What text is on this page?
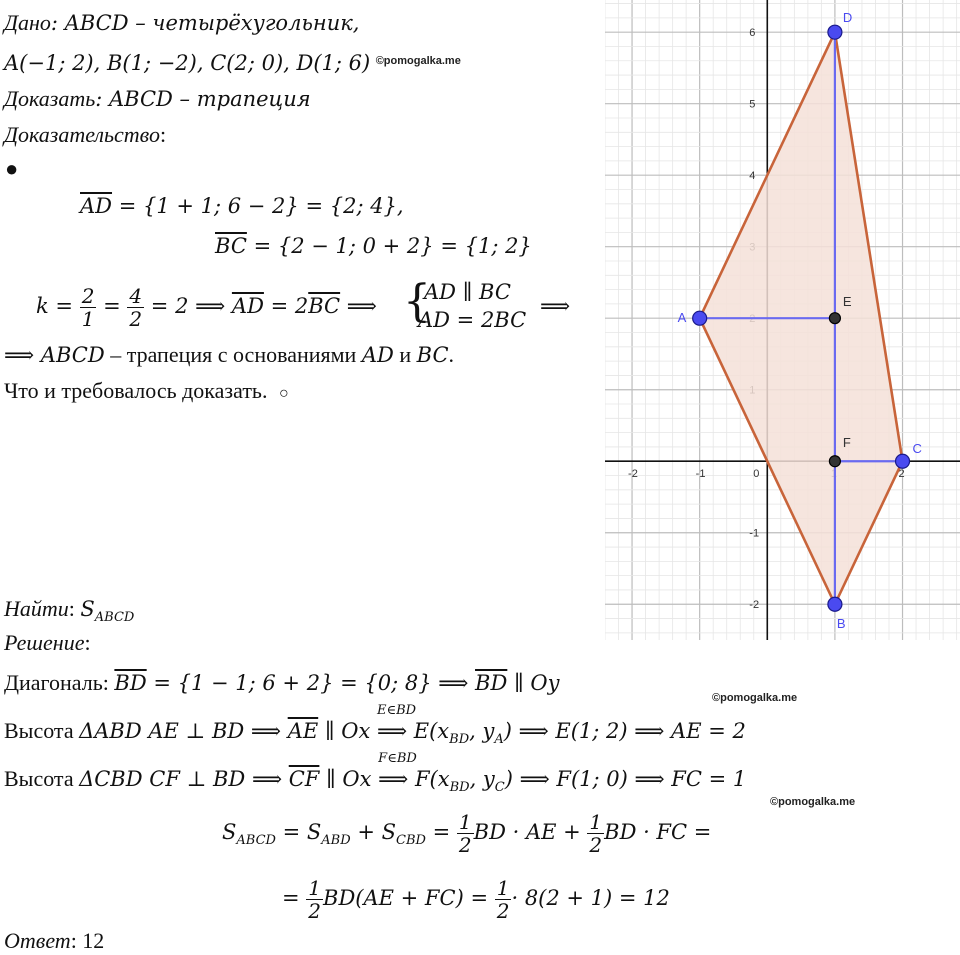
Дано: ABCD – четырёхугольник,
A(−1; 2), B(1; −2), C(2; 0), D(1; 6) $^{©pomogalka.me}$
Доказать: ABCD – трапеция
Доказательство:
●
$\overline{AD} = \{1 + 1$; 6 − 2} = {2; 4},
$\overline{BC} = \{2 - 1$; 0 + 2} = {1; 2}
$k = \frac{2}{1} = \frac{4}{2} = 2$ ⟹ $\overline{AD} = 2\overline{BC}$ ⟹ {
AD ∥ BC
AD = 2BC
⟹
⟹ ABCD – трапеция с основаниями AD и BC.
Что и требовалось доказать. ○
-2	-1	0	2
-2
-1
4
5
6
A
B
C
D
E
F
Найти: $S_{ABCD}$
Решение:
Диагональ: $\overline{BD} = \{1 - 1$; 6 + 2} = {0; 8} ⟹ $\overline{BD}$ ∥ Oy
©pomogalka.me
Высота ΔABD AE ⊥ BD ⟹ $\overline{AE}$ ∥ Ox
E∈BD
⟹ $E(x_{BD}$, $y_A$) ⟹ E(1; 2) ⟹ AE = 2
Высота ΔCBD CF ⊥ BD ⟹ $\overline{CF}$ ∥ Ox
F∈BD
⟹ $F(x_{BD}$, $y_C$) ⟹ F(1; 0) ⟹ FC = 1
©pomogalka.me
$S_{ABCD} = S_{ABD} + S_{CBD} = \frac{1}{2}$ BD · AE + $\frac{1}{2}$ BD · FC =
= $\frac{1}{2} BD(AE + FC) = \frac{1}{2} \cdot 8(2 + 1) = 12$
Ответ: 12
